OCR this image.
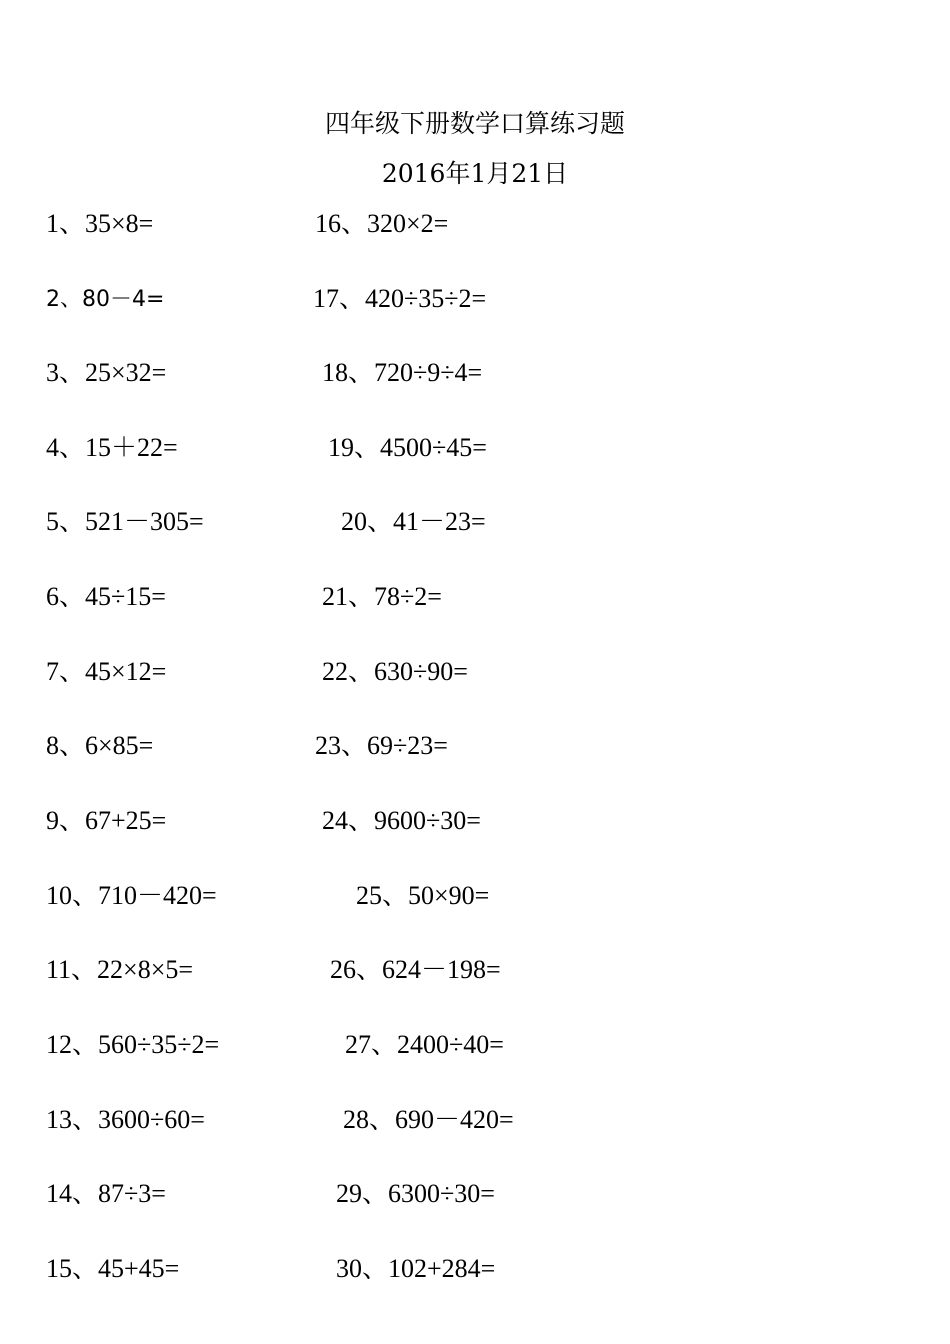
四年级下册数学口算练习题
2016年1月21日
1、35×8=
2、80－4=
3、25×32=
4、15＋22=
5、521－305=
6、45÷15=
7、45×12=
8、6×85=
9、67+25=
10、710－420=
11、22×8×5=
12、560÷35÷2=
13、3600÷60=
14、87÷3=
15、45+45=
16、320×2=
17、420÷35÷2=
18、720÷9÷4=
19、4500÷45=
20、41－23=
21、78÷2=
22、630÷90=
23、69÷23=
24、9600÷30=
25、50×90=
26、624－198=
27、2400÷40=
28、690－420=
29、6300÷30=
30、102+284=
